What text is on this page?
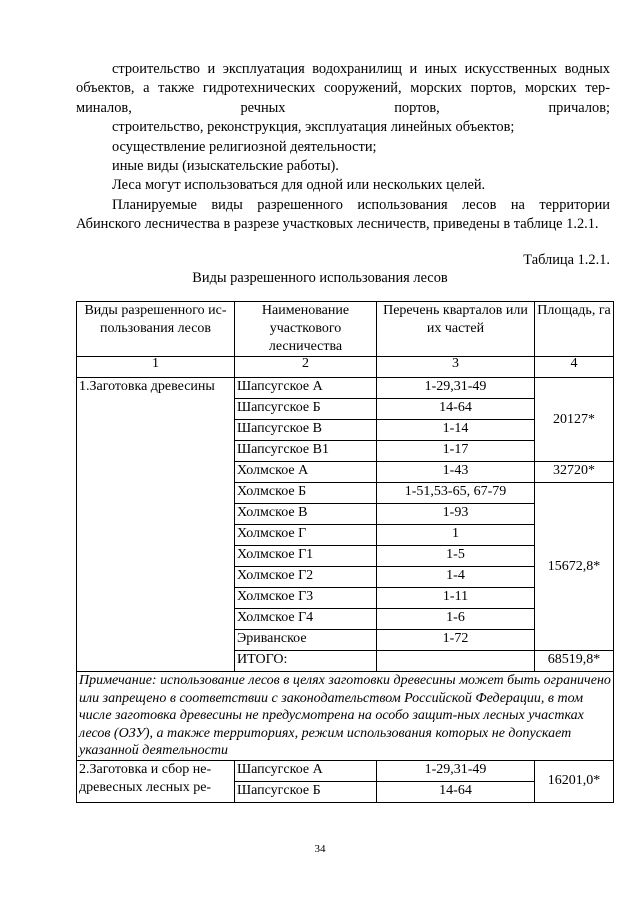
строительство и эксплуатация водохранилищ и иных искусственных водных объектов, а также гидротехнических сооружений, морских портов, морских тер-миналов, речных портов, причалов;

строительство, реконструкция, эксплуатация линейных объектов;

осуществление религиозной деятельности;

иные виды (изыскательские работы).

Леса могут использоваться для одной или нескольких целей.

Планируемые виды разрешенного использования лесов на территории Абинского лесничества в разрезе участковых лесничеств, приведены в таблице 1.2.1.

Таблица 1.2.1.
Виды разрешенного использования лесов
Виды разрешенного ис-пользования лесов	Наименование участкового лесничества	Перечень кварталов или их частей	Площадь, га
1	2	3	4
1.Заготовка древесины	Шапсугское А	1-29,31-49	20127*
	Шапсугское Б	14-64	
	Шапсугское В	1-14	
	Шапсугское В1	1-17	
	Холмское А	1-43	32720*
	Холмское Б	1-51,53-65, 67-79	15672,8*
	Холмское В	1-93	
	Холмское Г	1	
	Холмское Г1	1-5	
	Холмское Г2	1-4	
	Холмское Г3	1-11	
	Холмское Г4	1-6	
	Эриванское	1-72	
	ИТОГО:		68519,8*
Примечание: использование лесов в целях заготовки древесины может быть ограничено или запрещено в соответствии с законодательством Российской Федерации, в том числе заготовка древесины не предусмотрена на особо защит-ных лесных участках лесов (ОЗУ), а также территориях, режим использования которых не допускает указанной деятельности			
2.Заготовка и сбор не-древесных лесных ре-	Шапсугское А	1-29,31-49	16201,0*
	Шапсугское Б	14-64	
34
